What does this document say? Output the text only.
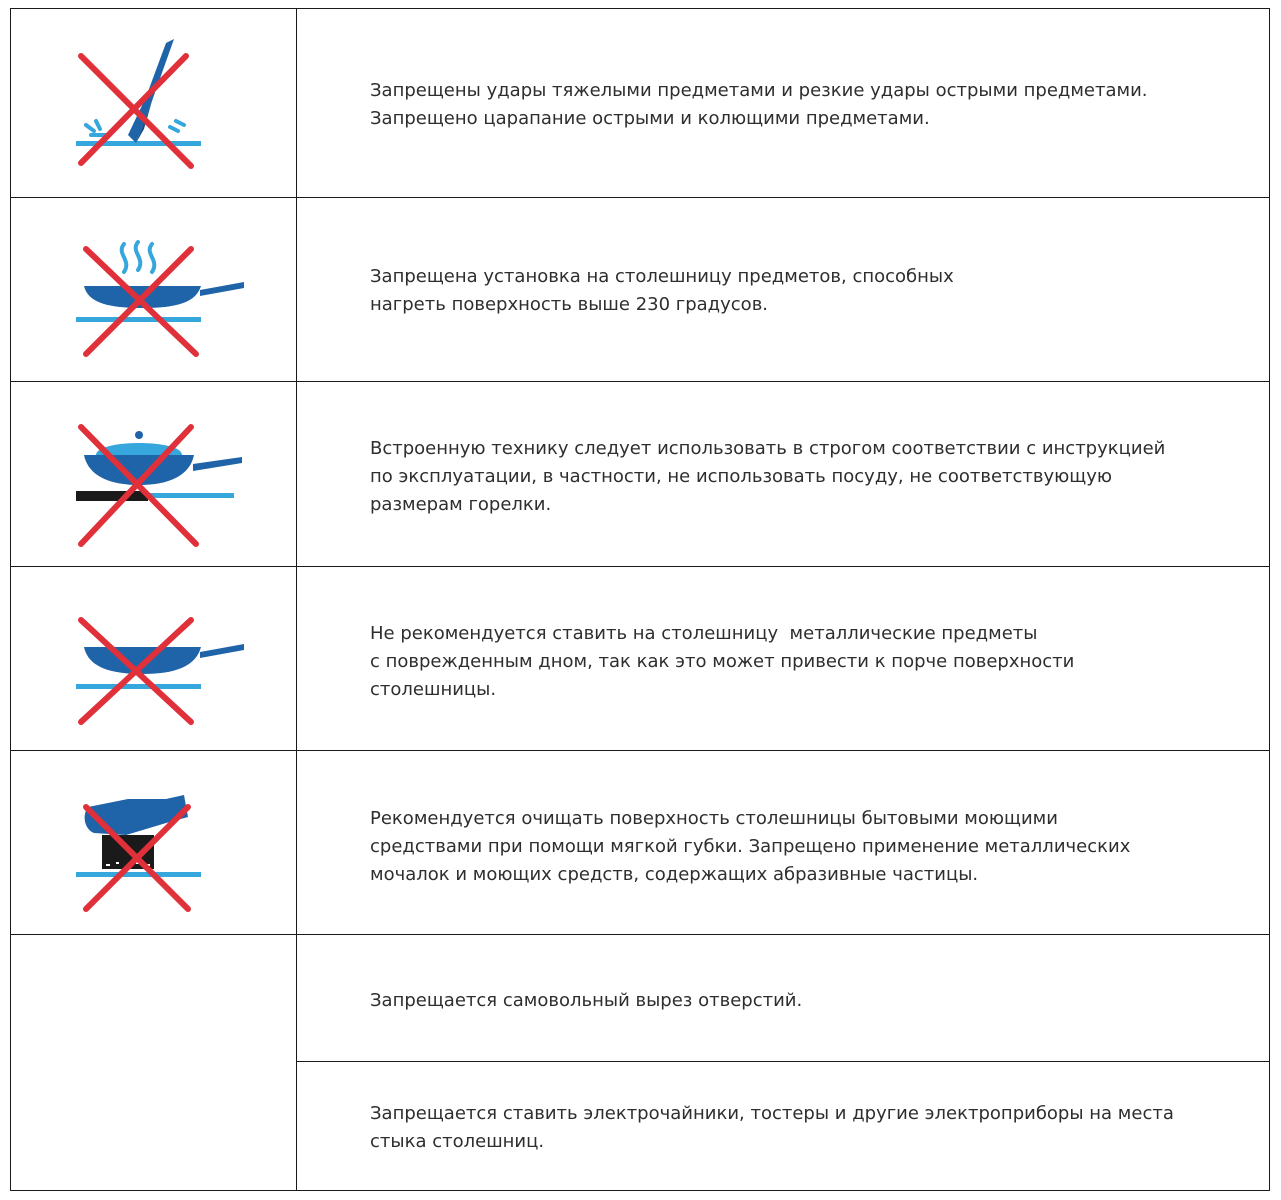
Запрещены удары тяжелыми предметами и резкие удары острыми предметами.
Запрещено царапание острыми и колющими предметами.
Запрещена установка на столешницу предметов, способных
нагреть поверхность выше 230 градусов.
Встроенную технику следует использовать в строгом соответствии с инструкцией
по эксплуатации, в частности, не использовать посуду, не соответствующую
размерам горелки.
Не рекомендуется ставить на столешницу  металлические предметы
с поврежденным дном, так как это может привести к порче поверхности
столешницы.
Рекомендуется очищать поверхность столешницы бытовыми моющими
средствами при помощи мягкой губки. Запрещено применение металлических
мочалок и моющих средств, содержащих абразивные частицы.
Запрещается самовольный вырез отверстий.
Запрещается ставить электрочайники, тостеры и другие электроприборы на места
стыка столешниц.
